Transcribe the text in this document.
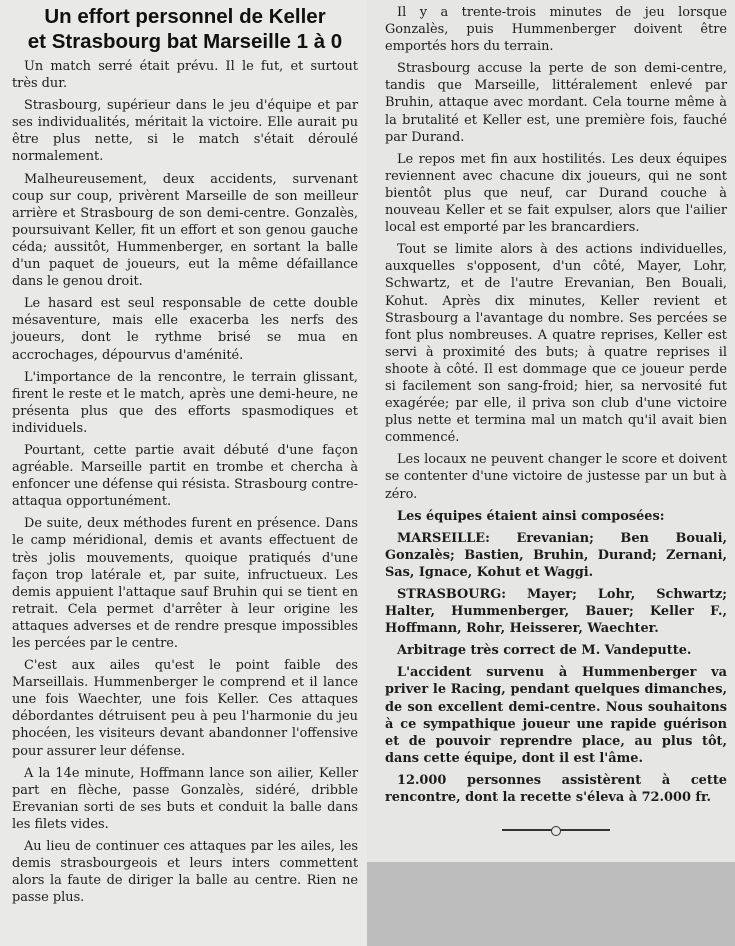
Un effort personnel de Keller
et Strasbourg bat Marseille 1 à 0

Un match serré était prévu. Il le fut, et surtout très dur.

Strasbourg, supérieur dans le jeu d'équipe et par ses individualités, méritait la victoire. Elle aurait pu être plus nette, si le match s'était déroulé normalement.

Malheureusement, deux accidents, survenant coup sur coup, privèrent Marseille de son meilleur arrière et Strasbourg de son demi-centre. Gonzalès, poursuivant Keller, fit un effort et son genou gauche céda; aussitôt, Hummenberger, en sortant la balle d'un paquet de joueurs, eut la même défaillance dans le genou droit.

Le hasard est seul responsable de cette double mésaventure, mais elle exacerba les nerfs des joueurs, dont le rythme brisé se mua en accrochages, dépourvus d'aménité.

L'importance de la rencontre, le terrain glissant, firent le reste et le match, après une demi-heure, ne présenta plus que des efforts spasmodiques et individuels.

Pourtant, cette partie avait débuté d'une façon agréable. Marseille partit en trombe et chercha à enfoncer une défense qui résista. Strasbourg contre-attaqua opportunément.

De suite, deux méthodes furent en présence. Dans le camp méridional, demis et avants effectuent de très jolis mouvements, quoique pratiqués d'une façon trop latérale et, par suite, infructueux. Les demis appuient l'attaque sauf Bruhin qui se tient en retrait. Cela permet d'arrêter à leur origine les attaques adverses et de rendre presque impossibles les percées par le centre.

C'est aux ailes qu'est le point faible des Marseillais. Hummenberger le comprend et il lance une fois Waechter, une fois Keller. Ces attaques débordantes détruisent peu à peu l'harmonie du jeu phocéen, les visiteurs devant abandonner l'offensive pour assurer leur défense.

A la 14e minute, Hoffmann lance son ailier, Keller part en flèche, passe Gonzalès, sidéré, dribble Erevanian sorti de ses buts et conduit la balle dans les filets vides.

Au lieu de continuer ces attaques par les ailes, les demis strasbourgeois et leurs inters commettent alors la faute de diriger la balle au centre. Rien ne passe plus.

Il y a trente-trois minutes de jeu lorsque Gonzalès, puis Hummenberger doivent être emportés hors du terrain.

Strasbourg accuse la perte de son demi-centre, tandis que Marseille, littéralement enlevé par Bruhin, attaque avec mordant. Cela tourne même à la brutalité et Keller est, une première fois, fauché par Durand.

Le repos met fin aux hostilités. Les deux équipes reviennent avec chacune dix joueurs, qui ne sont bientôt plus que neuf, car Durand couche à nouveau Keller et se fait expulser, alors que l'ailier local est emporté par les brancardiers.

Tout se limite alors à des actions individuelles, auxquelles s'opposent, d'un côté, Mayer, Lohr, Schwartz, et de l'autre Erevanian, Ben Bouali, Kohut. Après dix minutes, Keller revient et Strasbourg a l'avantage du nombre. Ses percées se font plus nombreuses. A quatre reprises, Keller est servi à proximité des buts; à quatre reprises il shoote à côté. Il est dommage que ce joueur perde si facilement son sang-froid; hier, sa nervosité fut exagérée; par elle, il priva son club d'une victoire plus nette et termina mal un match qu'il avait bien commencé.

Les locaux ne peuvent changer le score et doivent se contenter d'une victoire de justesse par un but à zéro.

Les équipes étaient ainsi composées:

MARSEILLE: Erevanian; Ben Bouali, Gonzalès; Bastien, Bruhin, Durand; Zernani, Sas, Ignace, Kohut et Waggi.

STRASBOURG: Mayer; Lohr, Schwartz; Halter, Hummenberger, Bauer; Keller F., Hoffmann, Rohr, Heisserer, Waechter.

Arbitrage très correct de M. Vandeputte.

L'accident survenu à Hummenberger va priver le Racing, pendant quelques dimanches, de son excellent demi-centre. Nous souhaitons à ce sympathique joueur une rapide guérison et de pouvoir reprendre place, au plus tôt, dans cette équipe, dont il est l'âme.

12.000 personnes assistèrent à cette rencontre, dont la recette s'éleva à 72.000 fr.
